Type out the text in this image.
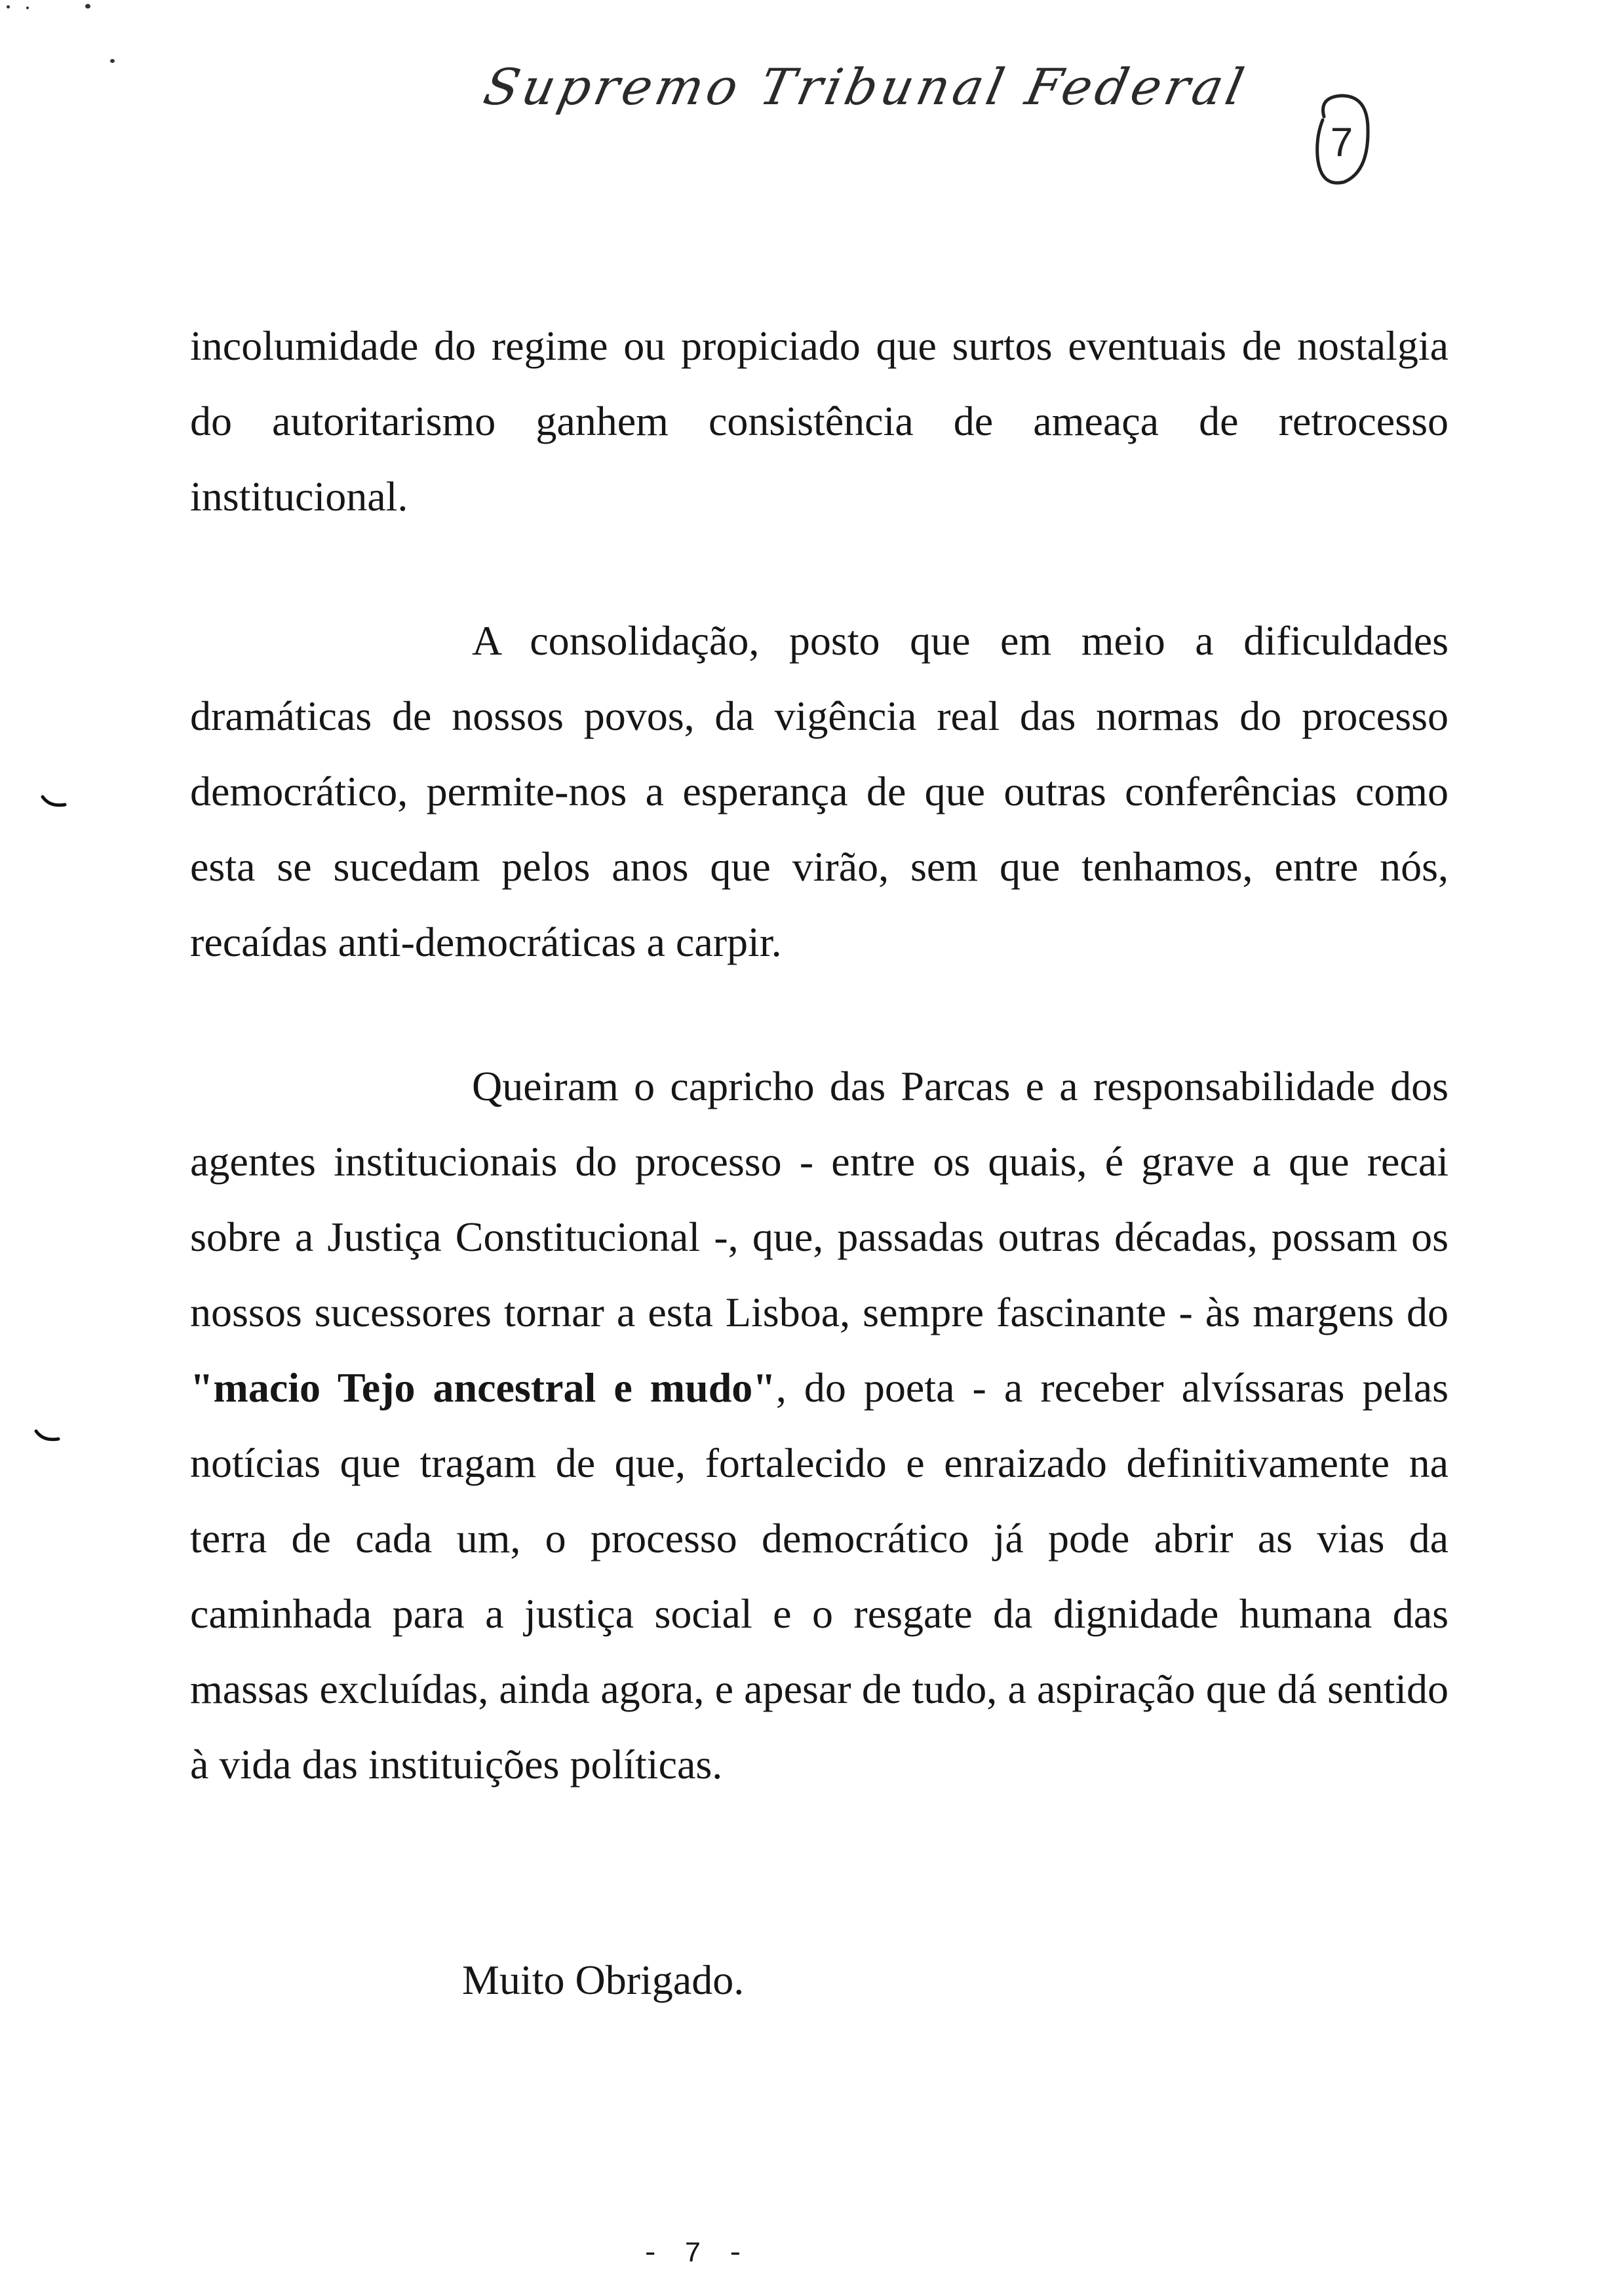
Supremo Tribunal Federal
7

incolumidade do regime ou propiciado que surtos eventuais de nostalgia do autoritarismo ganhem consistência de ameaça de retrocesso institucional.

A consolidação, posto que em meio a dificuldades dramáticas de nossos povos, da vigência real das normas do processo democrático, permite-nos a esperança de que outras conferências como esta se sucedam pelos anos que virão, sem que tenhamos, entre nós, recaídas anti-democráticas a carpir.

Queiram o capricho das Parcas e a responsabilidade dos agentes institucionais do processo - entre os quais, é grave a que recai sobre a Justiça Constitucional -, que, passadas outras décadas, possam os nossos sucessores tornar a esta Lisboa, sempre fascinante - às margens do "macio Tejo ancestral e mudo", do poeta - a receber alvíssaras pelas notícias que tragam de que, fortalecido e enraizado definitivamente na terra de cada um, o processo democrático já pode abrir as vias da caminhada para a justiça social e o resgate da dignidade humana das massas excluídas, ainda agora, e apesar de tudo, a aspiração que dá sentido à vida das instituições políticas.

Muito Obrigado.
- 7 -
